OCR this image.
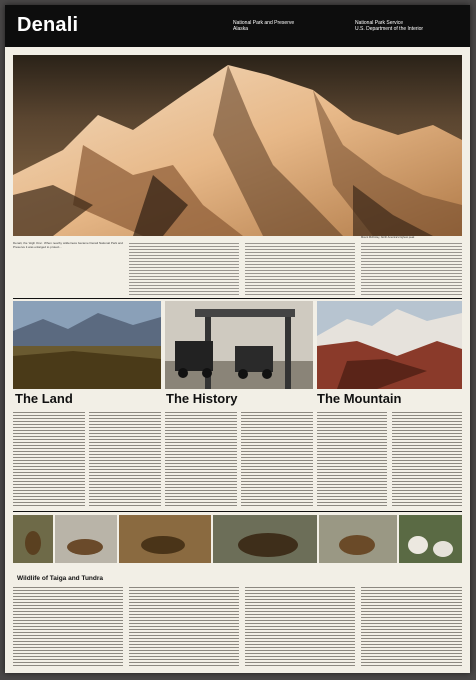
Denali	National Park and Preserve
Alaska
National Park Service
U.S. Department of the Interior
Denali, the 'High One'. When nearby wilderness became Denali National Park and Preserve it was enlarged to protect...
Mount McKinley, North America's highest peak
The Land	The History	The Mountain
Wildlife of Taiga and Tundra
